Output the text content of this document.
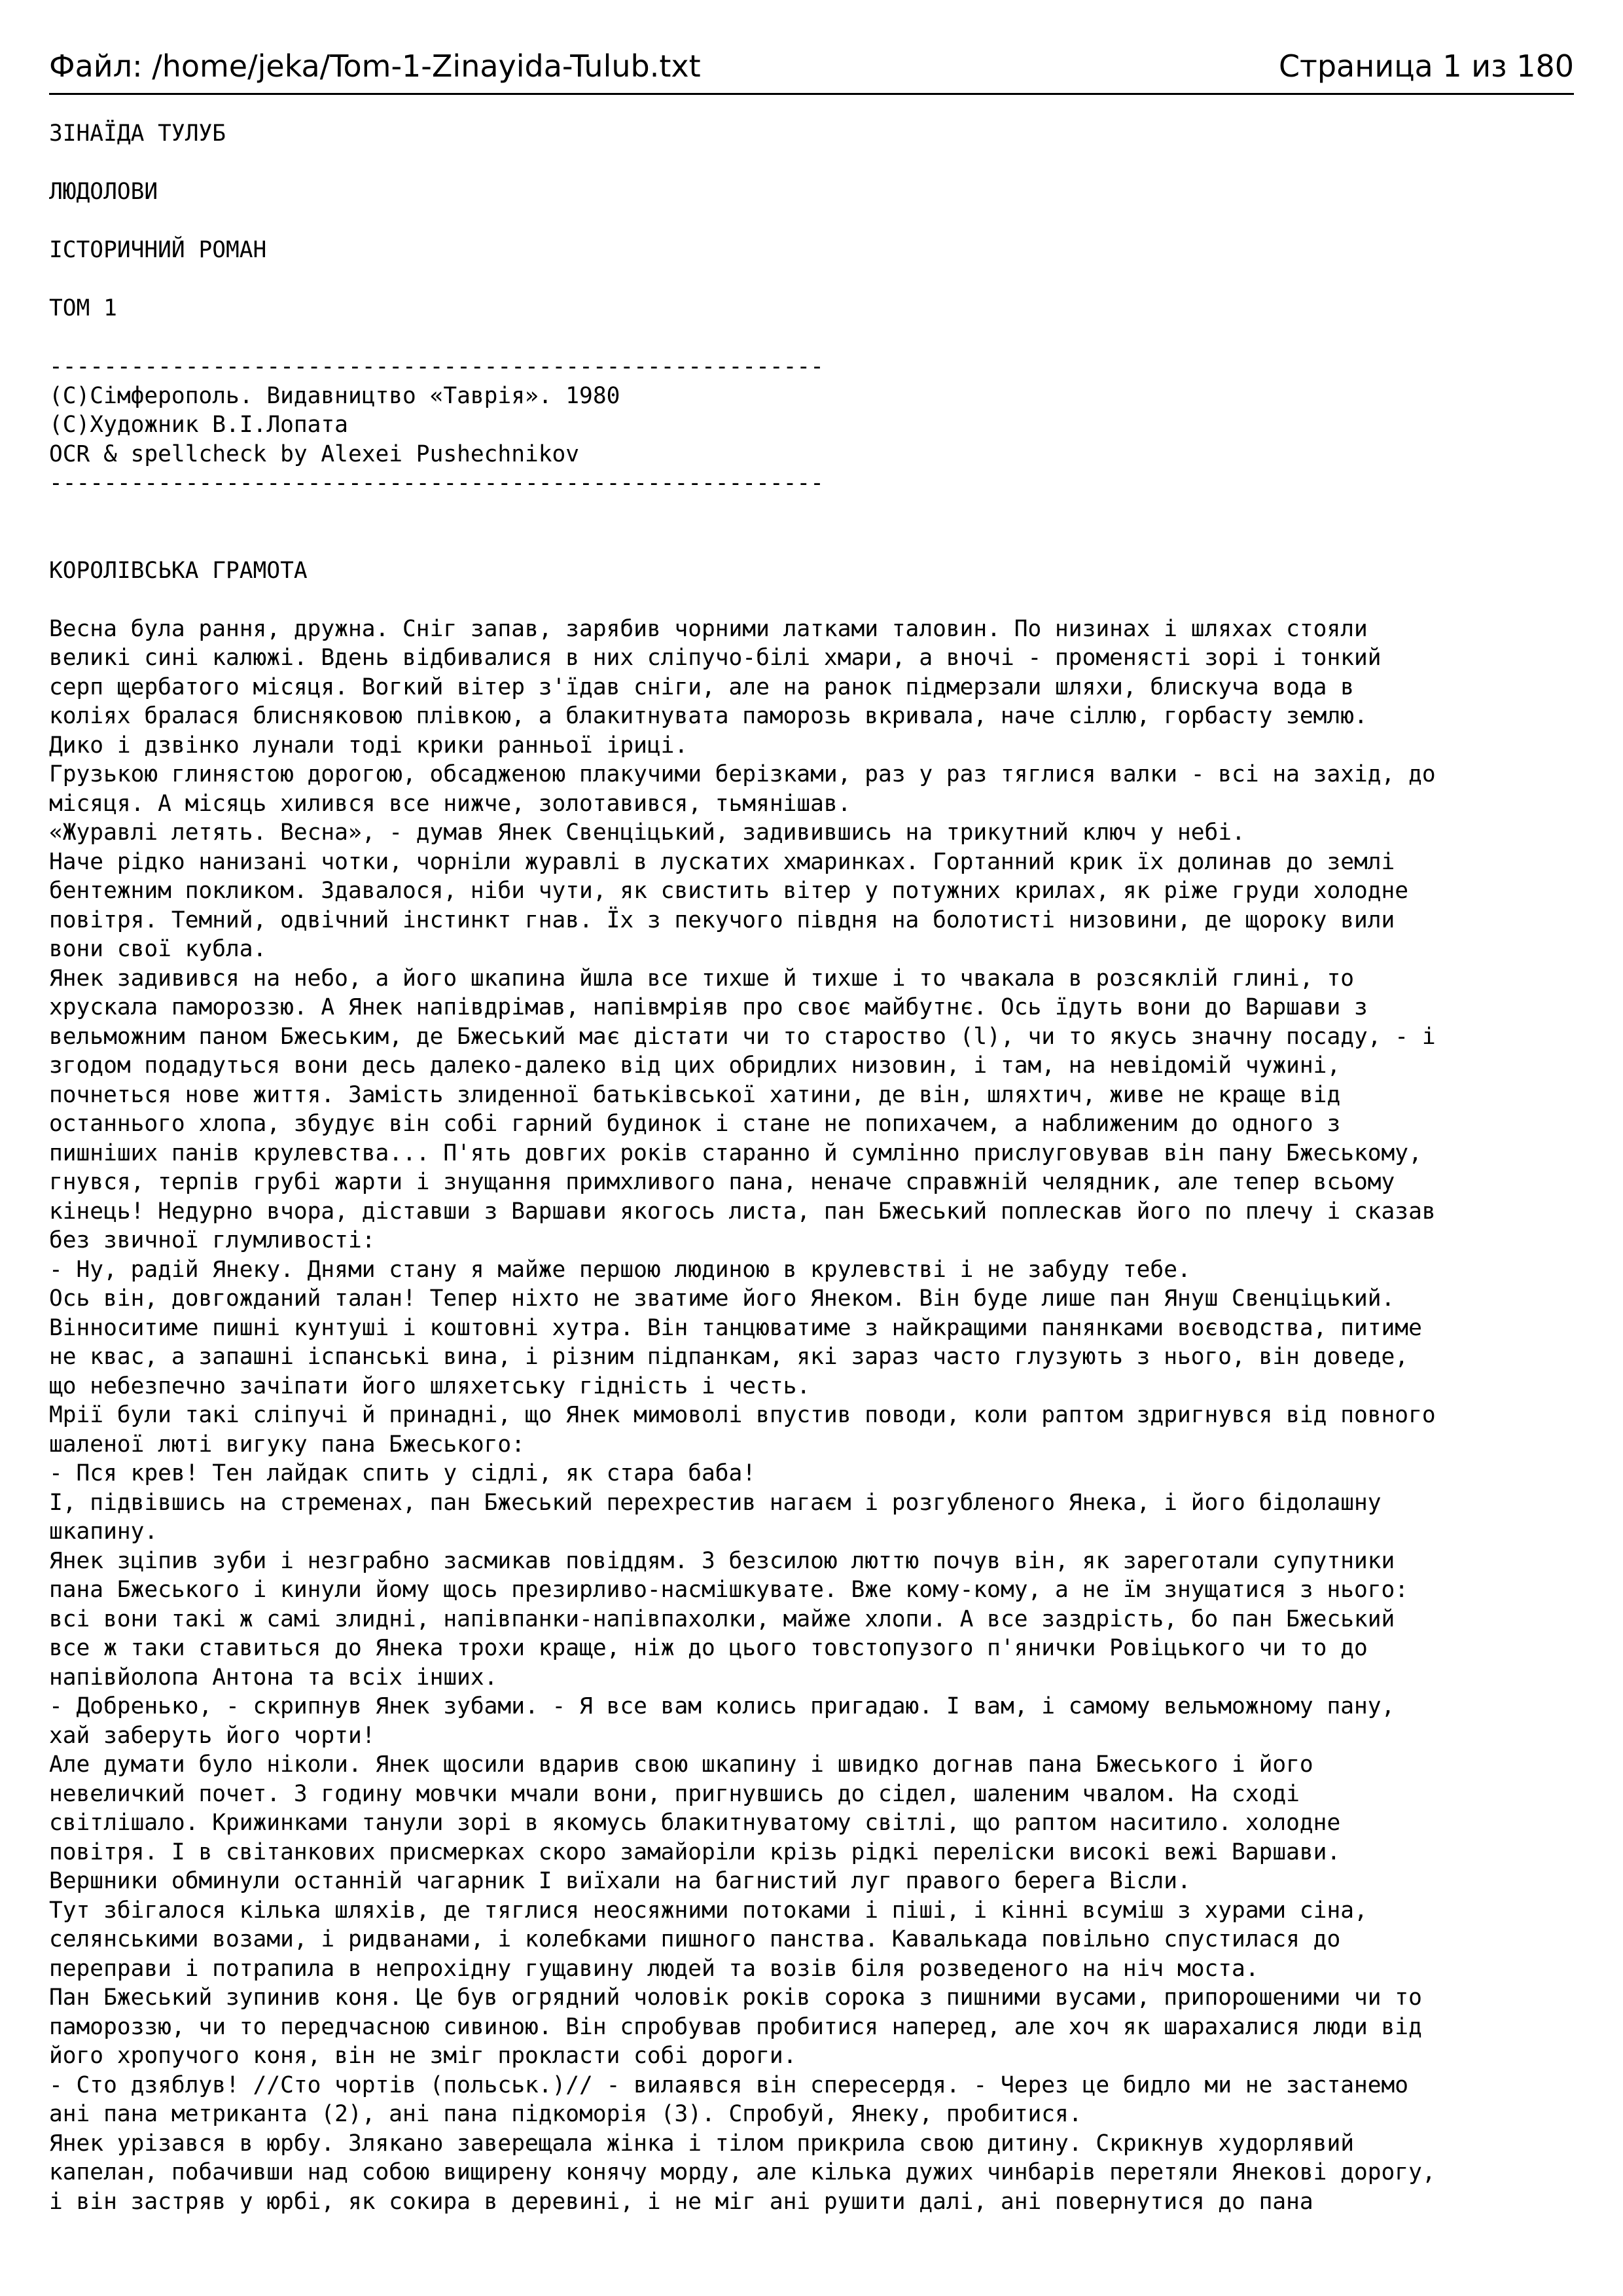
Файл: /home/jeka/Tom-1-Zinayida-Tulub.txt	Страница 1 из 180
ЗІНАЇДА ТУЛУБ
ЛЮДОЛОВИ
ІСТОРИЧНИЙ РОМАН
ТОМ 1
---------------------------------------------------------
(C)Сімферополь. Видавництво «Таврія». 1980
(C)Художник В.І.Лопата
OCR & spellcheck by Alexei Pushechnikov
---------------------------------------------------------
КОРОЛІВСЬКА ГРАМОТА
Весна була рання, дружна. Сніг запав, зарябив чорними латками таловин. По низинах і шляхах стояли
великі сині калюжі. Вдень відбивалися в них сліпучо-білі хмари, а вночі - променясті зорі і тонкий
серп щербатого місяця. Вогкий вітер з'їдав сніги, але на ранок підмерзали шляхи, блискуча вода в
коліях бралася блисняковою плівкою, а блакитнувата паморозь вкривала, наче сіллю, горбасту землю.
Дико і дзвінко лунали тоді крики ранньої іриці.
Грузькою глинястою дорогою, обсадженою плакучими берізками, раз у раз тяглися валки - всі на захід, до
місяця. А місяць хилився все нижче, золотавився, тьмянішав.
«Журавлі летять. Весна», - думав Янек Свенціцький, задивившись на трикутний ключ у небі.
Наче рідко нанизані чотки, чорніли журавлі в лускатих хмаринках. Гортанний крик їх долинав до землі
бентежним покликом. Здавалося, ніби чути, як свистить вітер у потужних крилах, як ріже груди холодне
повітря. Темний, одвічний інстинкт гнав. Їх з пекучого півдня на болотисті низовини, де щороку вили
вони свої кубла.
Янек задивився на небо, а його шкапина йшла все тихше й тихше і то чвакала в розсяклій глині, то
хрускала памороззю. А Янек напівдрімав, напівмріяв про своє майбутнє. Ось їдуть вони до Варшави з
вельможним паном Бжеським, де Бжеський має дістати чи то староство (l), чи то якусь значну посаду, - і
згодом подадуться вони десь далеко-далеко від цих обридлих низовин, і там, на невідомій чужині,
почнеться нове життя. Замість злиденної батьківської хатини, де він, шляхтич, живе не краще від
останнього хлопа, збудує він собі гарний будинок і стане не попихачем, а наближеним до одного з
пишніших панів крулевства... П'ять довгих років старанно й сумлінно прислуговував він пану Бжеському,
гнувся, терпів грубі жарти і знущання примхливого пана, неначе справжній челядник, але тепер всьому
кінець! Недурно вчора, діставши з Варшави якогось листа, пан Бжеський поплескав його по плечу і сказав
без звичної глумливості:
- Ну, радій Янеку. Днями стану я майже першою людиною в крулевстві і не забуду тебе.
Ось він, довгожданий талан! Тепер ніхто не зватиме його Янеком. Він буде лише пан Януш Свенціцький.
Вінноситиме пишні кунтуші і коштовні хутра. Він танцюватиме з найкращими панянками воєводства, питиме
не квас, а запашні іспанські вина, і різним підпанкам, які зараз часто глузують з нього, він доведе,
що небезпечно зачіпати його шляхетську гідність і честь.
Мрії були такі сліпучі й принадні, що Янек мимоволі впустив поводи, коли раптом здригнувся від повного
шаленої люті вигуку пана Бжеського:
- Пся крев! Тен лайдак спить у сідлі, як стара баба!
І, підвівшись на стременах, пан Бжеський перехрестив нагаєм і розгубленого Янека, і його бідолашну
шкапину.
Янек зціпив зуби і незграбно засмикав повіддям. З безсилою люттю почув він, як зареготали супутники
пана Бжеського і кинули йому щось презирливо-насмішкувате. Вже кому-кому, а не їм знущатися з нього:
всі вони такі ж самі злидні, напівпанки-напівпахолки, майже хлопи. А все заздрість, бо пан Бжеський
все ж таки ставиться до Янека трохи краще, ніж до цього товстопузого п'янички Ровіцького чи то до
напівйолопа Антона та всіх інших.
- Добренько, - скрипнув Янек зубами. - Я все вам колись пригадаю. І вам, і самому вельможному пану,
хай заберуть його чорти!
Але думати було ніколи. Янек щосили вдарив свою шкапину і швидко догнав пана Бжеського і його
невеличкий почет. З годину мовчки мчали вони, пригнувшись до сідел, шаленим чвалом. На сході
світлішало. Крижинками танули зорі в якомусь блакитнуватому світлі, що раптом наситило. холодне
повітря. І в світанкових присмерках скоро замайоріли крізь рідкі перелiски високі вежі Варшави.
Вершники обминули останній чагарник І виїхали на багнистий луг правого берега Вісли.
Тут збігалося кілька шляхів, де тяглися неосяжними потоками і піші, і кінні всуміш з хурами сіна,
селянськими возами, і ридванами, і колебками пишного панства. Кавалькада повільно спустилася до
переправи і потрапила в непрохідну гущавину людей та возів біля розведеного на ніч моста.
Пан Бжеський зупинив коня. Це був огрядний чоловік років сорока з пишними вусами, припорошеними чи то
памороззю, чи то передчасною сивиною. Він спробував пробитися наперед, але хоч як шарахалися люди від
його хропучого коня, він не зміг прокласти собі дороги.
- Сто дзяблув! //Сто чортів (польськ.)// - вилаявся він спересердя. - Через це бидло ми не застанемо
ані пана метриканта (2), ані пана підкоморія (3). Спробуй, Янеку, пробитися.
Янек урізався в юрбу. Злякано заверещала жінка і тілом прикрила свою дитину. Скрикнув худорлявий
капелан, побачивши над собою вищирену конячу морду, але кілька дужих чинбарів перетяли Янекові дорогу,
і він застряв у юрбі, як сокира в деревині, і не міг ані рушити далі, ані повернутися до пана
